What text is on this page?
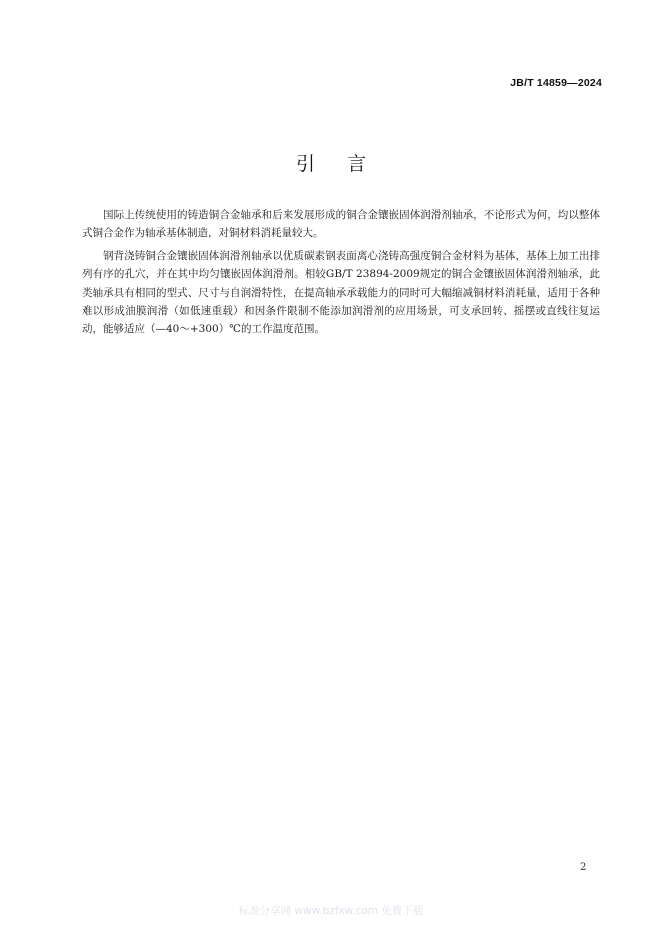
JB/T 14859—2024
引言

国际上传统使用的铸造铜合金轴承和后来发展形成的铜合金镶嵌固体润滑剂轴承，不论形式为何，均以整体式铜合金作为轴承基体制造，对铜材料消耗量较大。

钢背浇铸铜合金镶嵌固体润滑剂轴承以优质碳素钢表面离心浇铸高强度铜合金材料为基体，基体上加工出排列有序的孔穴，并在其中均匀镶嵌固体润滑剂。相较GB/T 23894-2009规定的铜合金镶嵌固体润滑剂轴承，此类轴承具有相同的型式、尺寸与自润滑特性，在提高轴承承载能力的同时可大幅缩减铜材料消耗量，适用于各种难以形成油膜润滑（如低速重载）和因条件限制不能添加润滑剂的应用场景，可支承回转、摇摆或直线往复运动，能够适应（—40～+300）℃的工作温度范围。

2
标准分享网 www.bzfxw.com 免费下载
